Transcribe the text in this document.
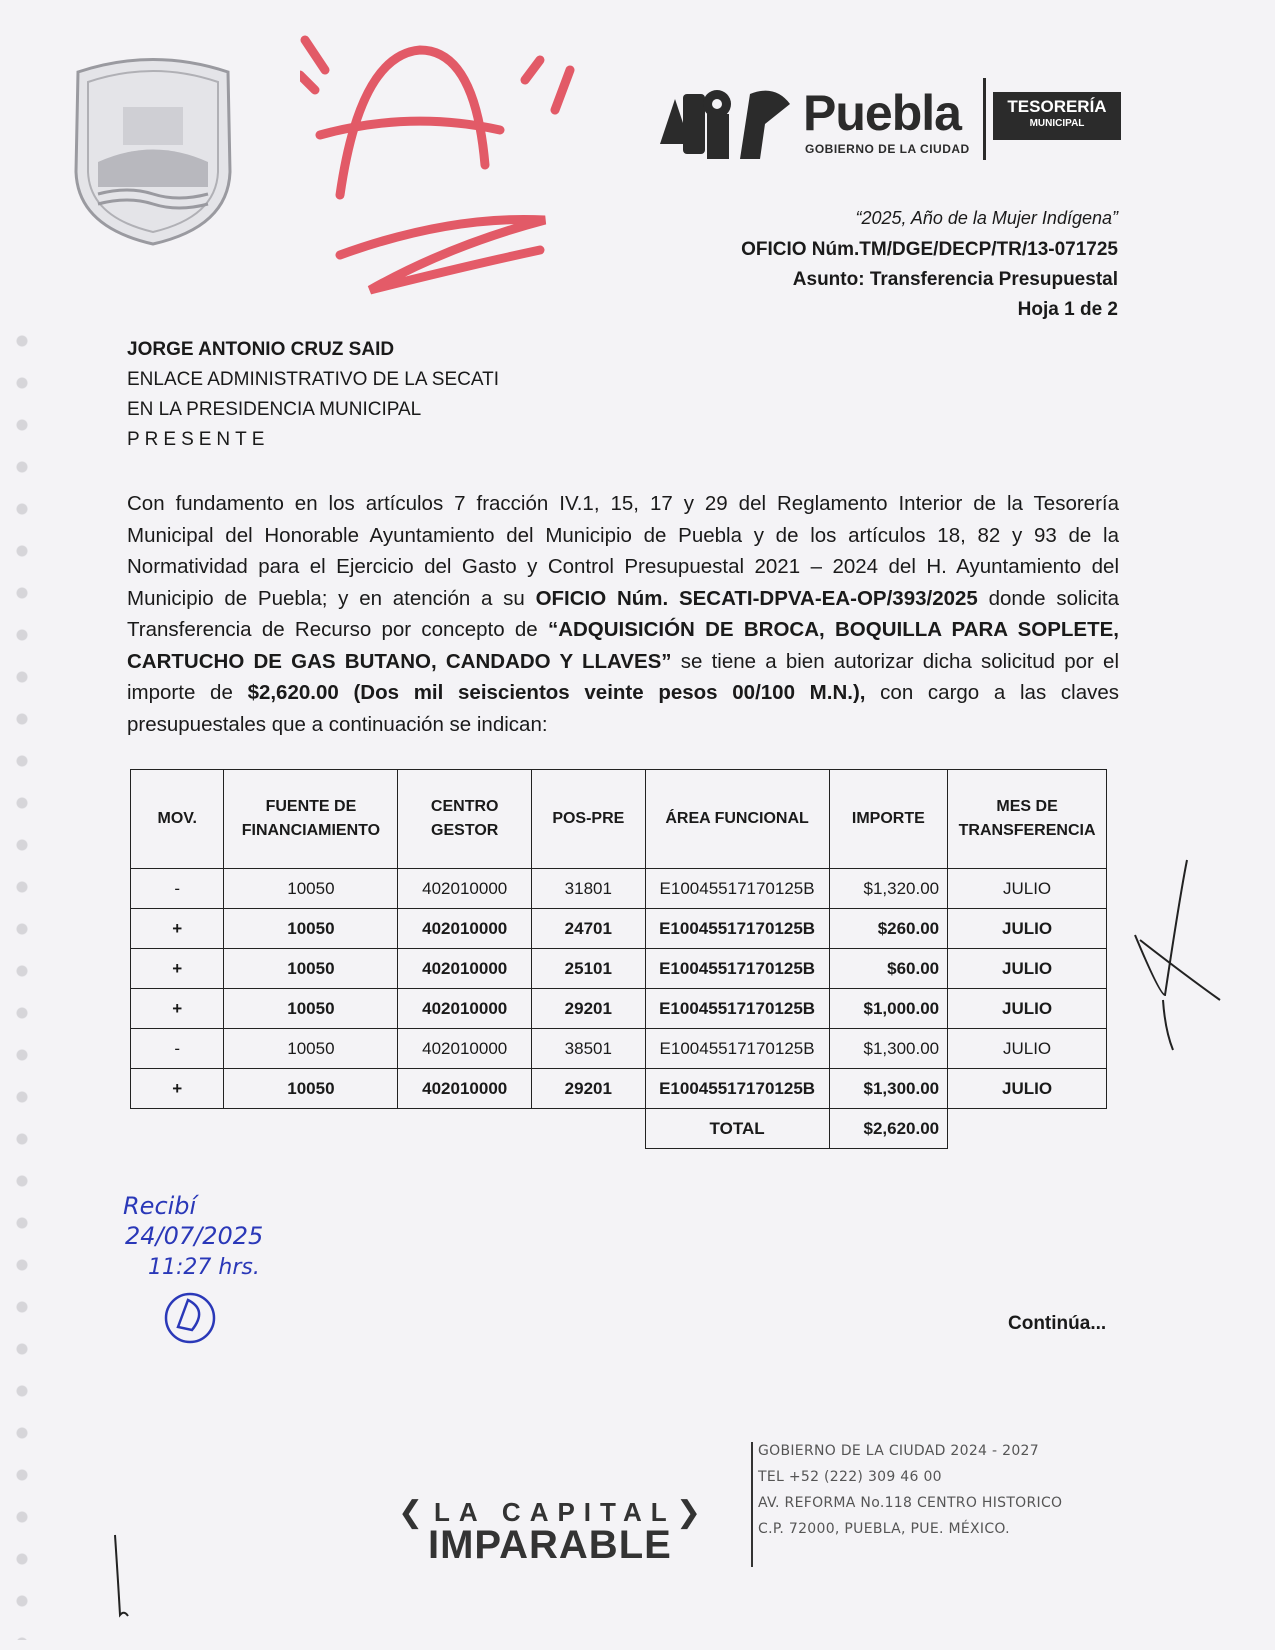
Puebla
GOBIERNO DE LA CIUDAD
TESORERÍA
MUNICIPAL
“2025, Año de la Mujer Indígena”
OFICIO Núm.TM/DGE/DECP/TR/13-071725
Asunto: Transferencia Presupuestal
Hoja 1 de 2
JORGE ANTONIO CRUZ SAID
ENLACE ADMINISTRATIVO DE LA SECATI
EN LA PRESIDENCIA MUNICIPAL
PRESENTE
Con fundamento en los artículos 7 fracción IV.1, 15, 17 y 29 del Reglamento Interior de la Tesorería Municipal del Honorable Ayuntamiento del Municipio de Puebla y de los artículos 18, 82 y 93 de la Normatividad para el Ejercicio del Gasto y Control Presupuestal 2021 – 2024 del H. Ayuntamiento del Municipio de Puebla; y en atención a su OFICIO Núm. SECATI-DPVA-EA-OP/393/2025 donde solicita Transferencia de Recurso por concepto de “ADQUISICIÓN DE BROCA, BOQUILLA PARA SOPLETE, CARTUCHO DE GAS BUTANO, CANDADO Y LLAVES” se tiene a bien autorizar dicha solicitud por el importe de $2,620.00 (Dos mil seiscientos veinte pesos 00/100 M.N.), con cargo a las claves presupuestales que a continuación se indican:
MOV.	FUENTE DE FINANCIAMIENTO	CENTRO GESTOR	POS-PRE	ÁREA FUNCIONAL	IMPORTE	MES DE TRANSFERENCIA
-	10050	402010000	31801	E10045517170125B	$1,320.00	JULIO
+	10050	402010000	24701	E10045517170125B	$260.00	JULIO
+	10050	402010000	25101	E10045517170125B	$60.00	JULIO
+	10050	402010000	29201	E10045517170125B	$1,000.00	JULIO
-	10050	402010000	38501	E10045517170125B	$1,300.00	JULIO
+	10050	402010000	29201	E10045517170125B	$1,300.00	JULIO
				TOTAL	$2,620.00	
Recibí
24/07/2025
11:27 hrs.
Continúa...
❮ LA CAPITAL
IMPARABLE
❯
GOBIERNO DE LA CIUDAD 2024 - 2027
TEL +52 (222) 309 46 00
AV. REFORMA No.118 CENTRO HISTORICO
C.P. 72000, PUEBLA, PUE. MÉXICO.
